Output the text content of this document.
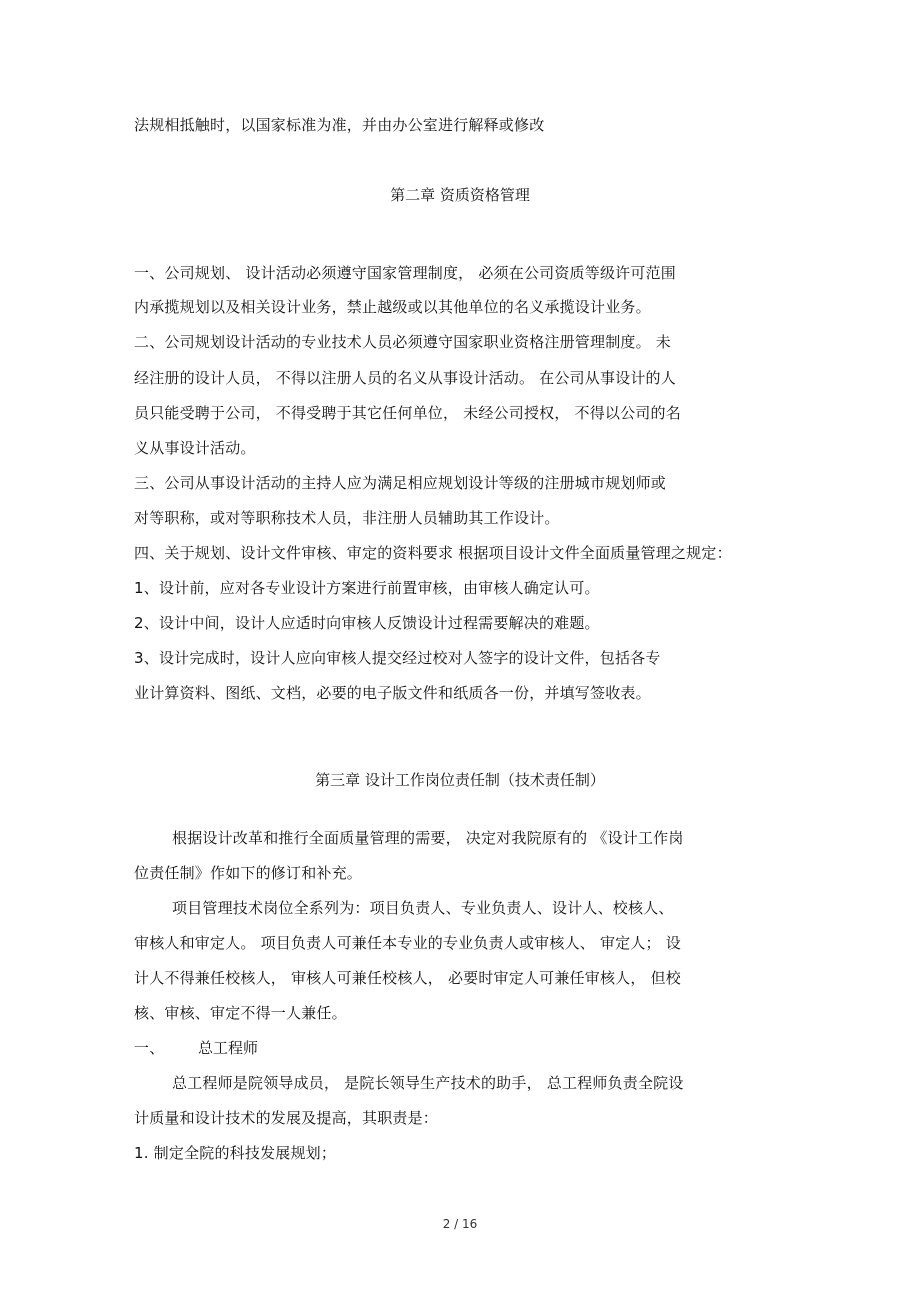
法规相抵触时，以国家标准为准，并由办公室进行解释或修改
第二章 资质资格管理
一、公司规划、 设计活动必须遵守国家管理制度， 必须在公司资质等级许可范围
内承揽规划以及相关设计业务，禁止越级或以其他单位的名义承揽设计业务。
二、公司规划设计活动的专业技术人员必须遵守国家职业资格注册管理制度。 未
经注册的设计人员， 不得以注册人员的名义从事设计活动。 在公司从事设计的人
员只能受聘于公司， 不得受聘于其它任何单位， 未经公司授权， 不得以公司的名
义从事设计活动。
三、公司从事设计活动的主持人应为满足相应规划设计等级的注册城市规划师或
对等职称，或对等职称技术人员，非注册人员辅助其工作设计。
四、关于规划、设计文件审核、审定的资料要求 根据项目设计文件全面质量管理之规定：
1、设计前，应对各专业设计方案进行前置审核，由审核人确定认可。
2、设计中间，设计人应适时向审核人反馈设计过程需要解决的难题。
3、设计完成时，设计人应向审核人提交经过校对人签字的设计文件，包括各专
业计算资料、图纸、文档，必要的电子版文件和纸质各一份，并填写签收表。
第三章 设计工作岗位责任制（技术责任制）
根据设计改革和推行全面质量管理的需要， 决定对我院原有的 《设计工作岗
位责任制》作如下的修订和补充。
项目管理技术岗位全系列为：项目负责人、专业负责人、设计人、校核人、
审核人和审定人。 项目负责人可兼任本专业的专业负责人或审核人、 审定人； 设
计人不得兼任校核人， 审核人可兼任校核人， 必要时审定人可兼任审核人， 但校
核、审核、审定不得一人兼任。
一、 总工程师
总工程师是院领导成员， 是院长领导生产技术的助手， 总工程师负责全院设
计质量和设计技术的发展及提高，其职责是：
1. 制定全院的科技发展规划；
2 / 16
